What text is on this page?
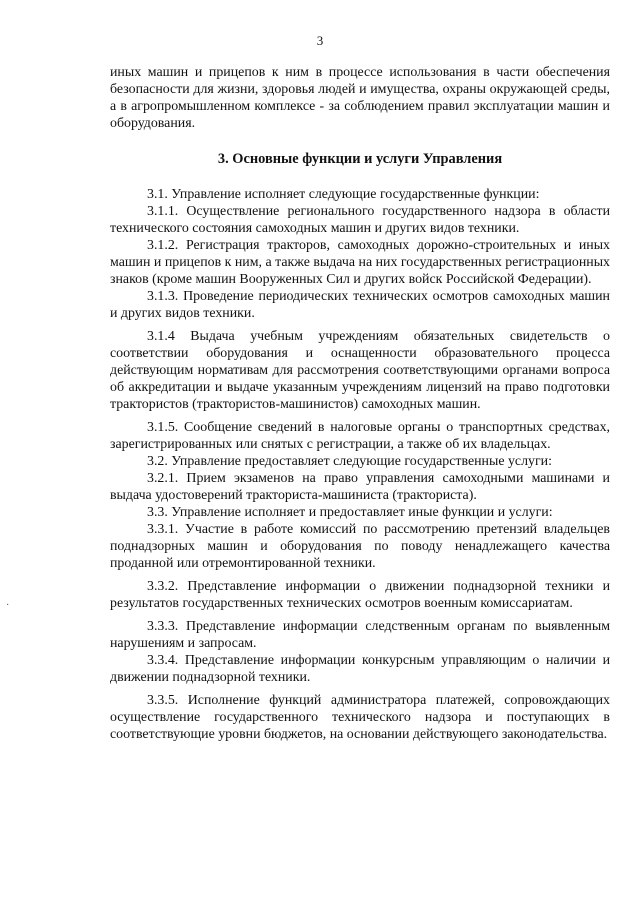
3
·

иных машин и прицепов к ним в процессе использования в части обеспечения безопасности для жизни, здоровья людей и имущества, охраны окружающей среды, а в агропромышленном комплексе - за соблюдением правил эксплуатации машин и оборудования.

3. Основные функции и услуги Управления

3.1. Управление исполняет следующие государственные функции:

3.1.1. Осуществление регионального государственного надзора в области технического состояния самоходных машин и других видов техники.

3.1.2. Регистрация тракторов, самоходных дорожно-строительных и иных машин и прицепов к ним, а также выдача на них государственных регистрационных знаков (кроме машин Вооруженных Сил и других войск Российской Федерации).

3.1.3. Проведение периодических технических осмотров самоходных машин и других видов техники.

3.1.4 Выдача учебным учреждениям обязательных свидетельств о соответствии оборудования и оснащенности образовательного процесса действующим нормативам для рассмотрения соответствующими органами вопроса об аккредитации и выдаче указанным учреждениям лицензий на право подготовки трактористов (трактористов-машинистов) самоходных машин.

3.1.5. Сообщение сведений в налоговые органы о транспортных средствах, зарегистрированных или снятых с регистрации, а также об их владельцах.

3.2. Управление предоставляет следующие государственные услуги:

3.2.1. Прием экзаменов на право управления самоходными машинами и выдача удостоверений тракториста-машиниста (тракториста).

3.3. Управление исполняет и предоставляет иные функции и услуги:

3.3.1. Участие в работе комиссий по рассмотрению претензий владельцев поднадзорных машин и оборудования по поводу ненадлежащего качества проданной или отремонтированной техники.

3.3.2. Представление информации о движении поднадзорной техники и результатов государственных технических осмотров военным комиссариатам.

3.3.3. Представление информации следственным органам по выявленным нарушениям и запросам.

3.3.4. Представление информации конкурсным управляющим о наличии и движении поднадзорной техники.

3.3.5. Исполнение функций администратора платежей, сопровождающих осуществление государственного технического надзора и поступающих в соответствующие уровни бюджетов, на основании действующего законодательства.
